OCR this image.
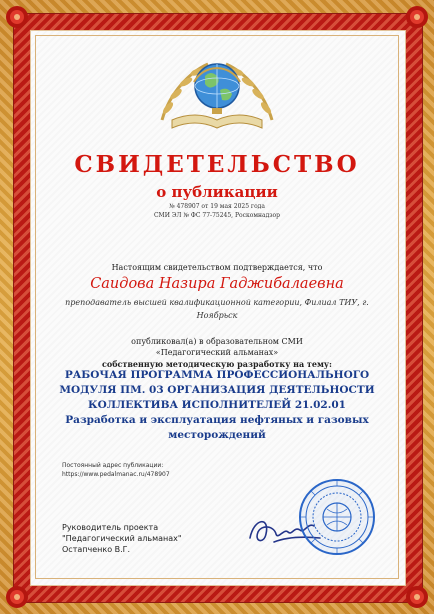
СВИДЕТЕЛЬСТВО
о публикации
№ 478907 от 19 мая 2025 года
СМИ ЭЛ № ФС 77-75245, Роскомнадзор
Настоящим свидетельством подтверждается, что
Саидова Назира Гаджибалаевна
преподаватель высшей квалификационной категории, Филиал ТИУ, г. Ноябрьск
опубликовал(а) в образовательном СМИ
«Педагогический альманах»
собственную методическую разработку на тему:
РАБОЧАЯ ПРОГРАММА ПРОФЕССИОНАЛЬНОГО МОДУЛЯ ПМ. 03 ОРГАНИЗАЦИЯ ДЕЯТЕЛЬНОСТИ КОЛЛЕКТИВА ИСПОЛНИТЕЛЕЙ 21.02.01 Разработка и эксплуатация нефтяных и газовых месторождений
Постоянный адрес публикации:
https://www.pedalmanac.ru/478907
Руководитель проекта
"Педагогический альманах"
Остапченко В.Г.
